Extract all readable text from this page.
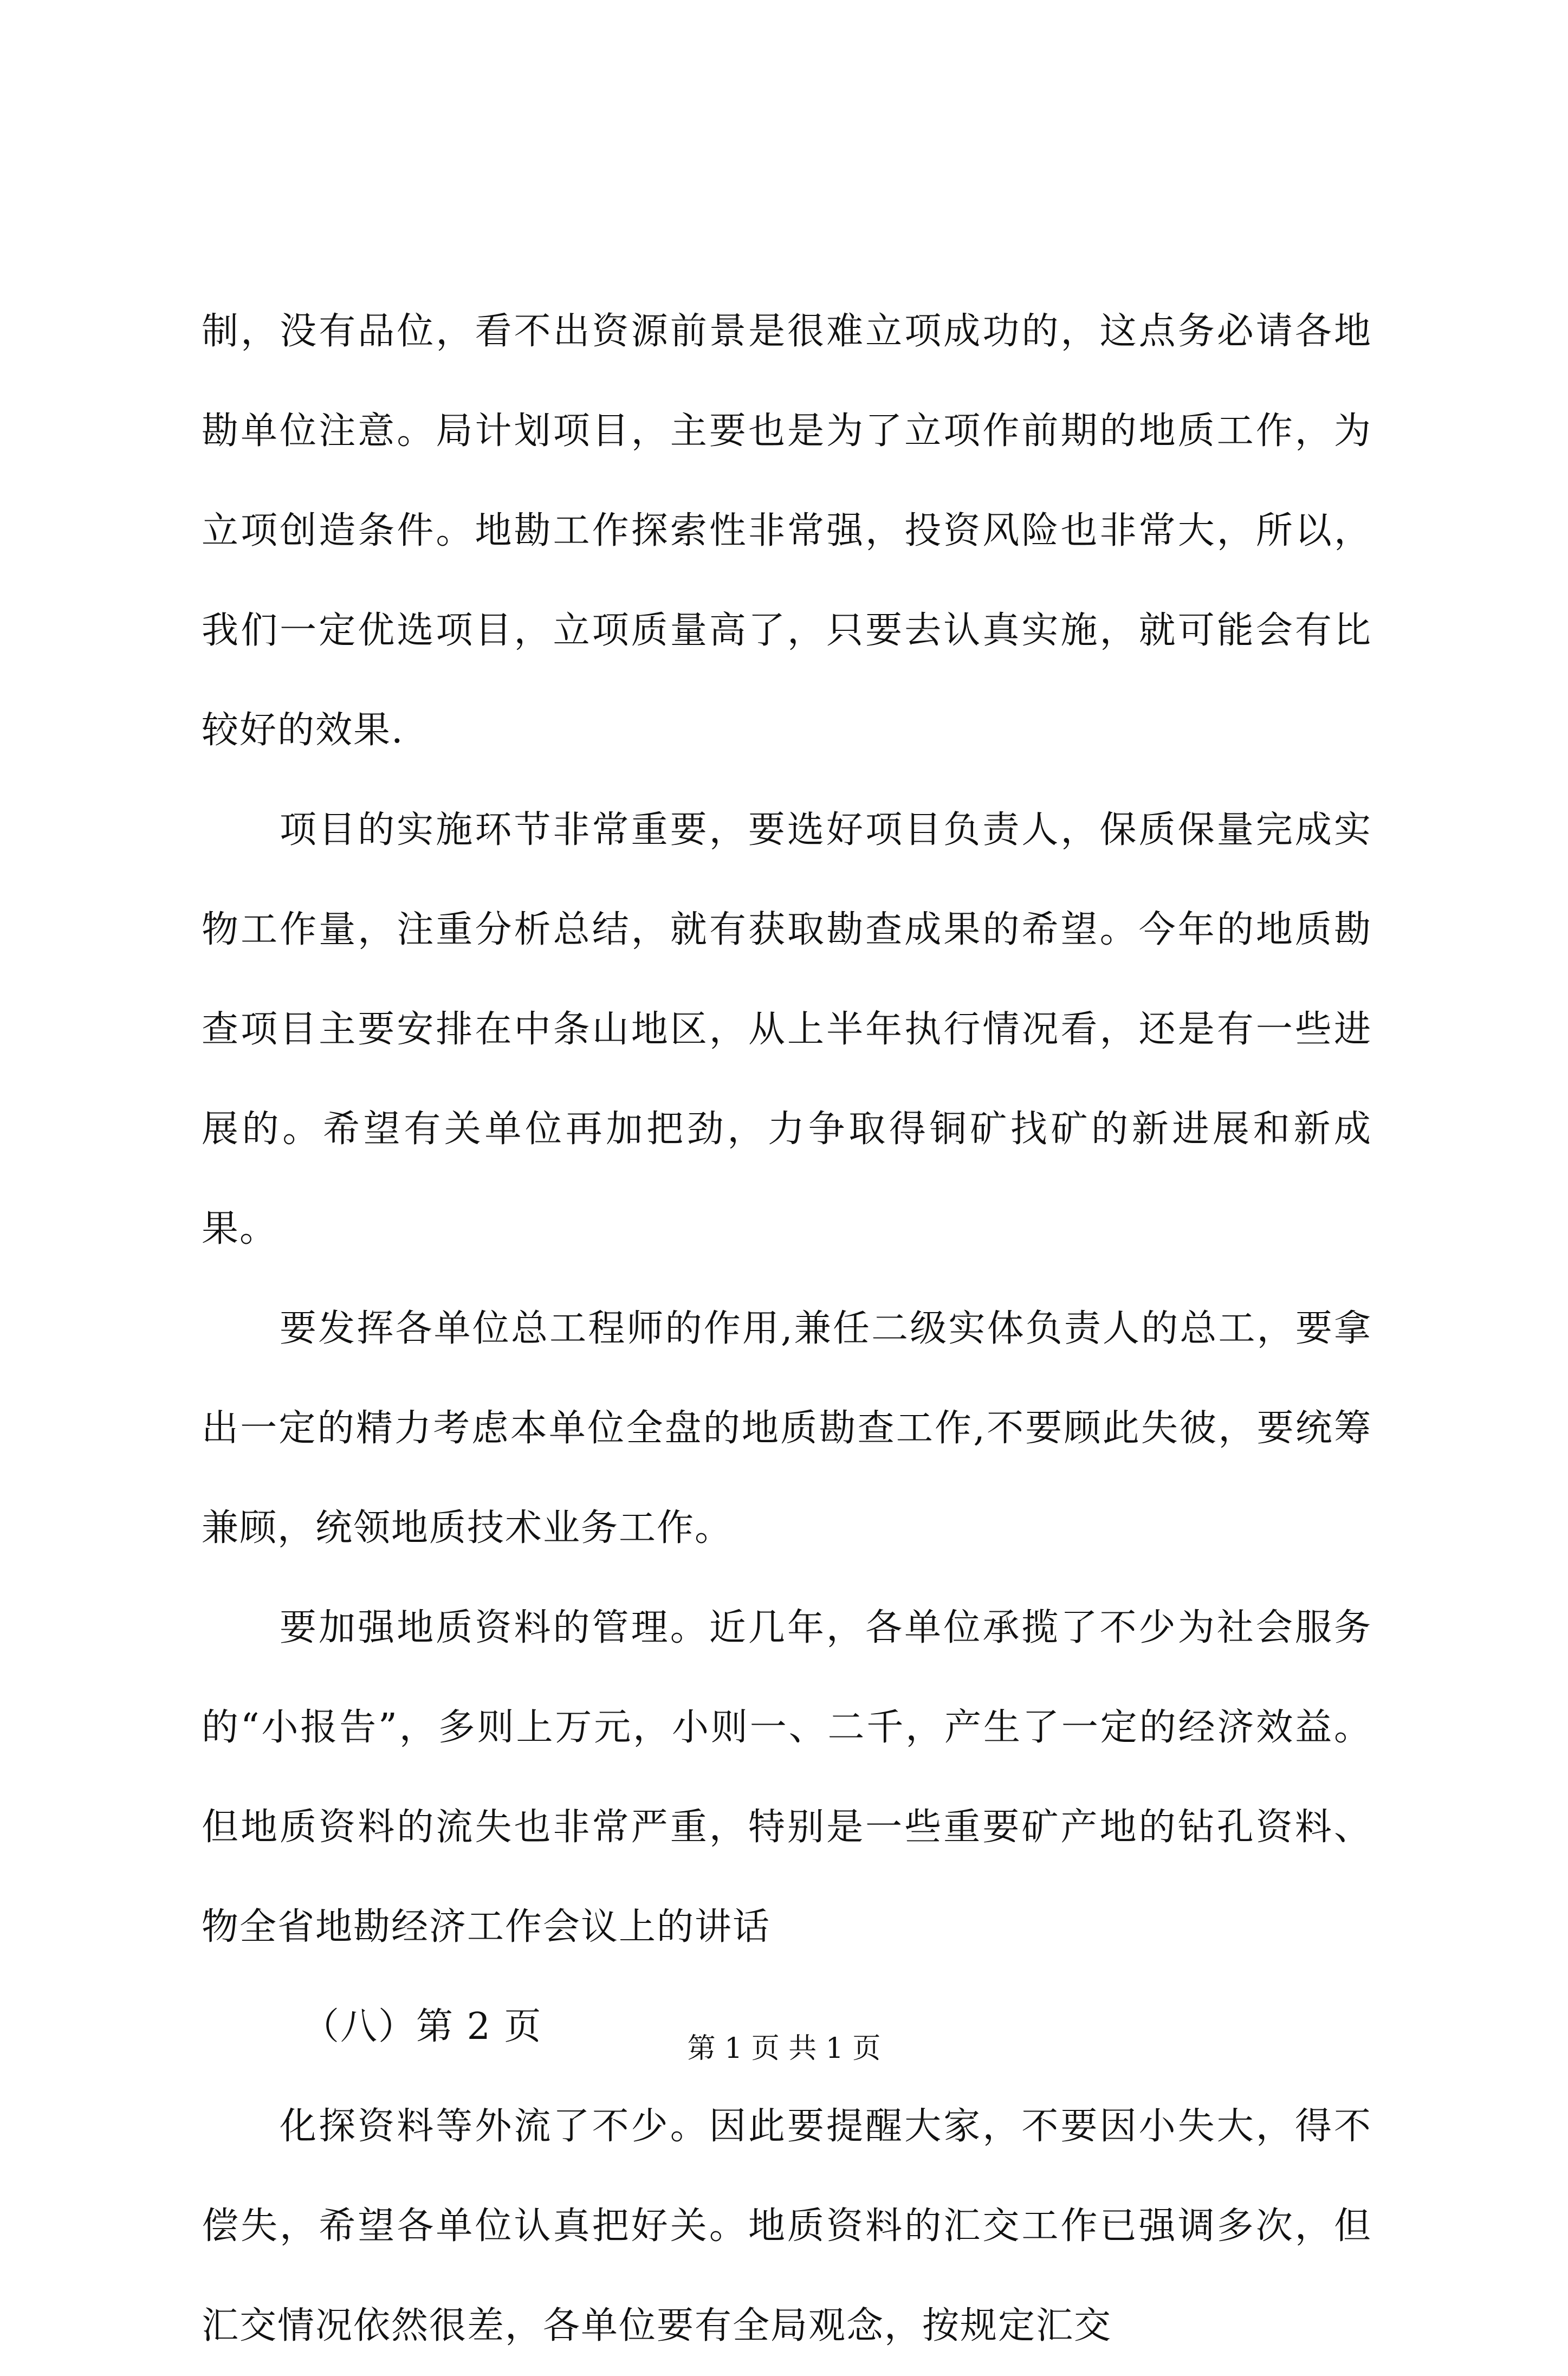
制，没有品位，看不出资源前景是很难立项成功的，这点务必请各地勘单位注意。局计划项目，主要也是为了立项作前期的地质工作，为立项创造条件。地勘工作探索性非常强，投资风险也非常大，所以，我们一定优选项目，立项质量高了，只要去认真实施，就可能会有比较好的效果.

项目的实施环节非常重要，要选好项目负责人，保质保量完成实物工作量，注重分析总结，就有获取勘查成果的希望。今年的地质勘查项目主要安排在中条山地区，从上半年执行情况看，还是有一些进展的。希望有关单位再加把劲，力争取得铜矿找矿的新进展和新成果。

要发挥各单位总工程师的作用,兼任二级实体负责人的总工，要拿出一定的精力考虑本单位全盘的地质勘查工作,不要顾此失彼，要统筹兼顾，统领地质技术业务工作。

要加强地质资料的管理。近几年，各单位承揽了不少为社会服务的“小报告”，多则上万元，小则一、二千，产生了一定的经济效益。但地质资料的流失也非常严重，特别是一些重要矿产地的钻孔资料、物全省地勘经济工作会议上的讲话

（八）第 2 页

化探资料等外流了不少。因此要提醒大家，不要因小失大，得不偿失，希望各单位认真把好关。地质资料的汇交工作已强调多次，但汇交情况依然很差，各单位要有全局观念，按规定汇交

第 1 页 共 1 页
